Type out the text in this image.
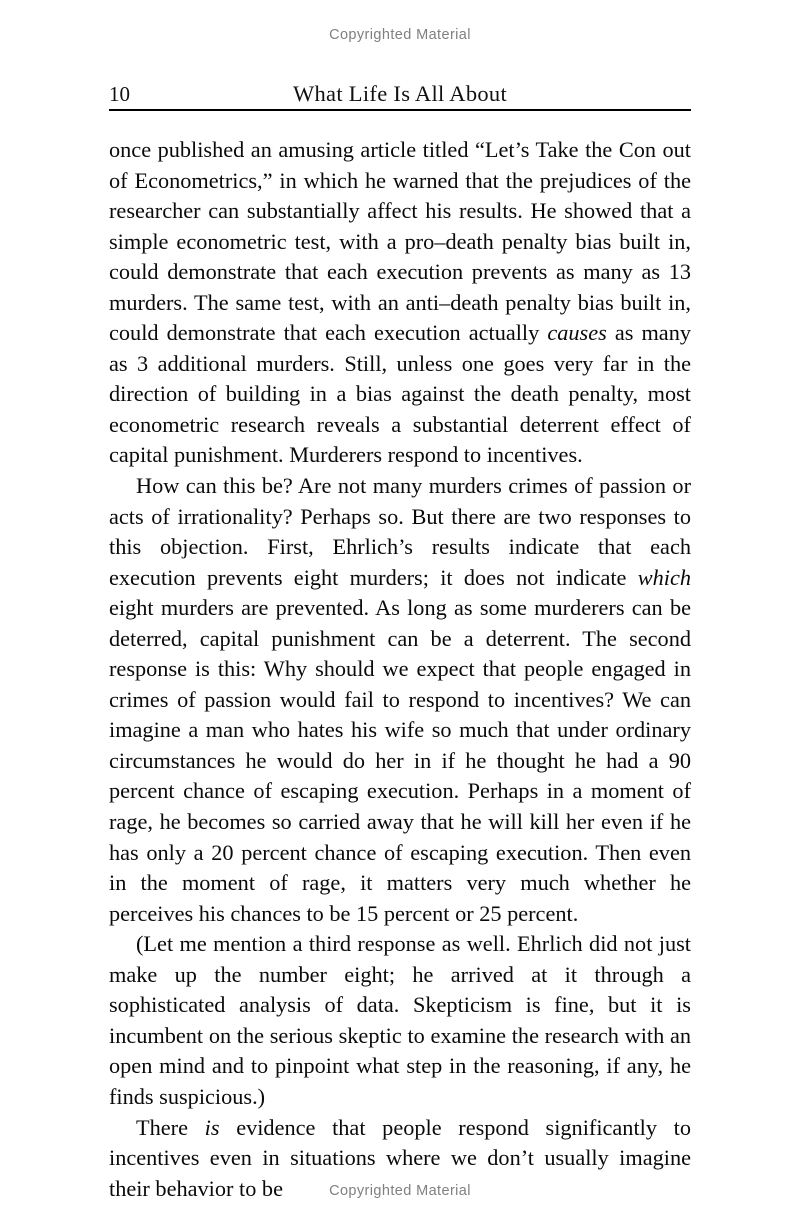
Copyrighted Material
10	What Life Is All About

once published an amusing article titled “Let’s Take the Con out of Econometrics,” in which he warned that the prejudices of the researcher can substantially affect his results. He showed that a simple econometric test, with a pro–death penalty bias built in, could demonstrate that each execution prevents as many as 13 murders. The same test, with an anti–death penalty bias built in, could demonstrate that each execution actually causes as many as 3 additional murders. Still, unless one goes very far in the direction of building in a bias against the death penalty, most econometric research reveals a substantial deterrent effect of capital punishment. Murderers respond to incentives.

How can this be? Are not many murders crimes of passion or acts of irrationality? Perhaps so. But there are two responses to this objection. First, Ehrlich’s results indicate that each execution prevents eight murders; it does not indicate which eight murders are prevented. As long as some murderers can be deterred, capital punishment can be a deterrent. The second response is this: Why should we expect that people engaged in crimes of passion would fail to respond to incentives? We can imagine a man who hates his wife so much that under ordinary circumstances he would do her in if he thought he had a 90 percent chance of escaping execution. Perhaps in a moment of rage, he becomes so carried away that he will kill her even if he has only a 20 percent chance of escaping execution. Then even in the moment of rage, it matters very much whether he perceives his chances to be 15 percent or 25 percent.

(Let me mention a third response as well. Ehrlich did not just make up the number eight; he arrived at it through a sophisticated analysis of data. Skepticism is fine, but it is incumbent on the serious skeptic to examine the research with an open mind and to pinpoint what step in the reasoning, if any, he finds suspicious.)

There is evidence that people respond significantly to incentives even in situations where we don’t usually imagine their behavior to be	Copyrighted Material
